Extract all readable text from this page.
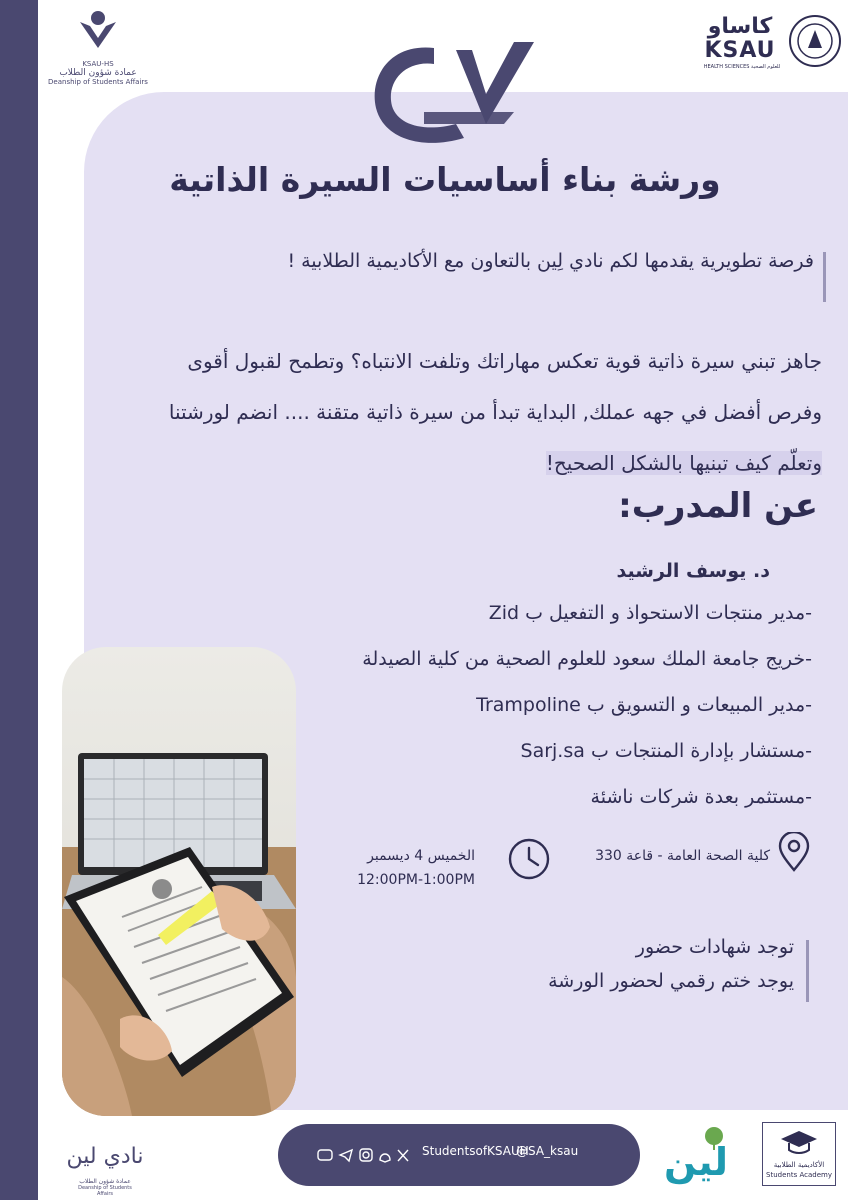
KSAU-HS
عمادة شؤون الطلاب
Deanship of Students Affairs
كاساو
KSAU
HEALTH SCIENCES للعلوم الصحية
ورشة بناء أساسيات السيرة الذاتية
فرصة تطويرية يقدمها لكم نادي لِين بالتعاون مع الأكاديمية الطلابية !
جاهز تبني سيرة ذاتية قوية تعكس مهاراتك وتلفت الانتباه؟ وتطمح لقبول أقوى
وفرص أفضل في جهه عملك, البداية تبدأ من سيرة ذاتية متقنة .... انضم لورشتنا
وتعلّم كيف تبنيها بالشكل الصحيح!
عن المدرب:
د. يوسف الرشيد
-مدير منتجات الاستحواذ و التفعيل ب Zid
-خريج جامعة الملك سعود للعلوم الصحية من كلية الصيدلة
-مدير المبيعات و التسويق ب Trampoline
-مستشار بإدارة المنتجات ب Sarj.sa
-مستثمر بعدة شركات ناشئة
كلية الصحة العامة - قاعة 330
الخميس 4 ديسمبر
12:00PM-1:00PM
توجد شهادات حضور
يوجد ختم رقمي لحضور الورشة
نادي لين
عمادة شؤون الطلاب
Deanship of Students Affairs
StudentsofKSAUH
@SA_ksau لين	الأكاديمية الطلابية
Students Academy
